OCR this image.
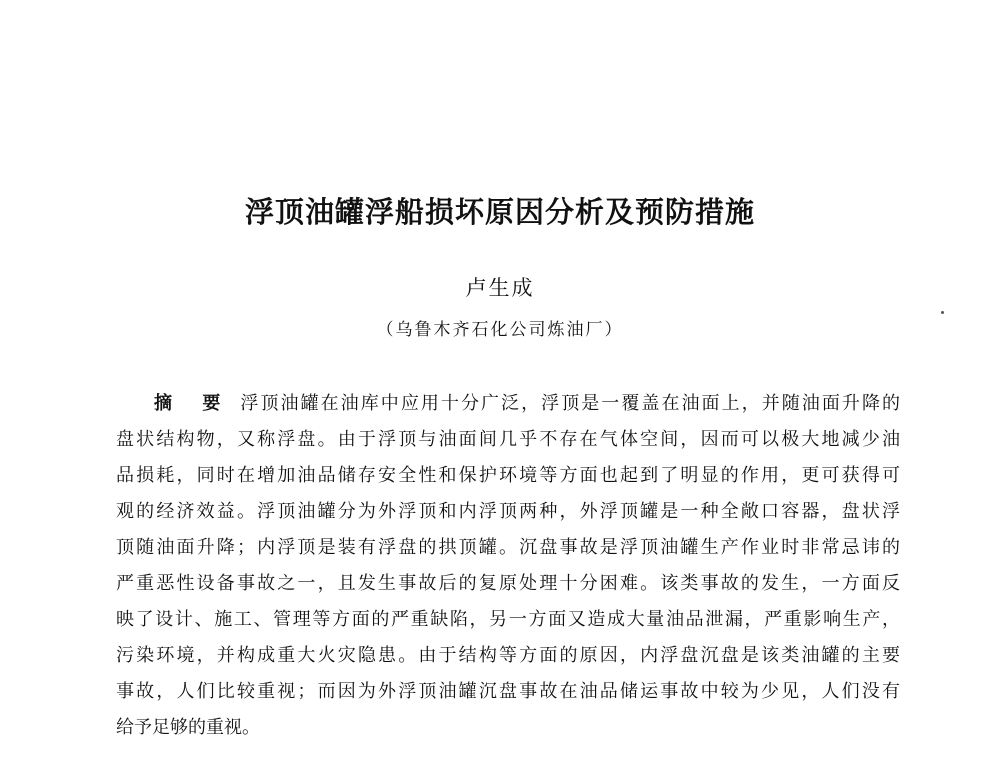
浮顶油罐浮船损坏原因分析及预防措施
卢生成
（乌鲁木齐石化公司炼油厂）
摘 要 浮顶油罐在油库中应用十分广泛，浮顶是一覆盖在油面上，并随油面升降的
盘状结构物，又称浮盘。由于浮顶与油面间几乎不存在气体空间，因而可以极大地减少油
品损耗，同时在增加油品储存安全性和保护环境等方面也起到了明显的作用，更可获得可
观的经济效益。浮顶油罐分为外浮顶和内浮顶两种，外浮顶罐是一种全敞口容器，盘状浮
顶随油面升降；内浮顶是装有浮盘的拱顶罐。沉盘事故是浮顶油罐生产作业时非常忌讳的
严重恶性设备事故之一，且发生事故后的复原处理十分困难。该类事故的发生，一方面反
映了设计、施工、管理等方面的严重缺陷，另一方面又造成大量油品泄漏，严重影响生产，
污染环境，并构成重大火灾隐患。由于结构等方面的原因，内浮盘沉盘是该类油罐的主要
事故，人们比较重视；而因为外浮顶油罐沉盘事故在油品储运事故中较为少见，人们没有
给予足够的重视。
